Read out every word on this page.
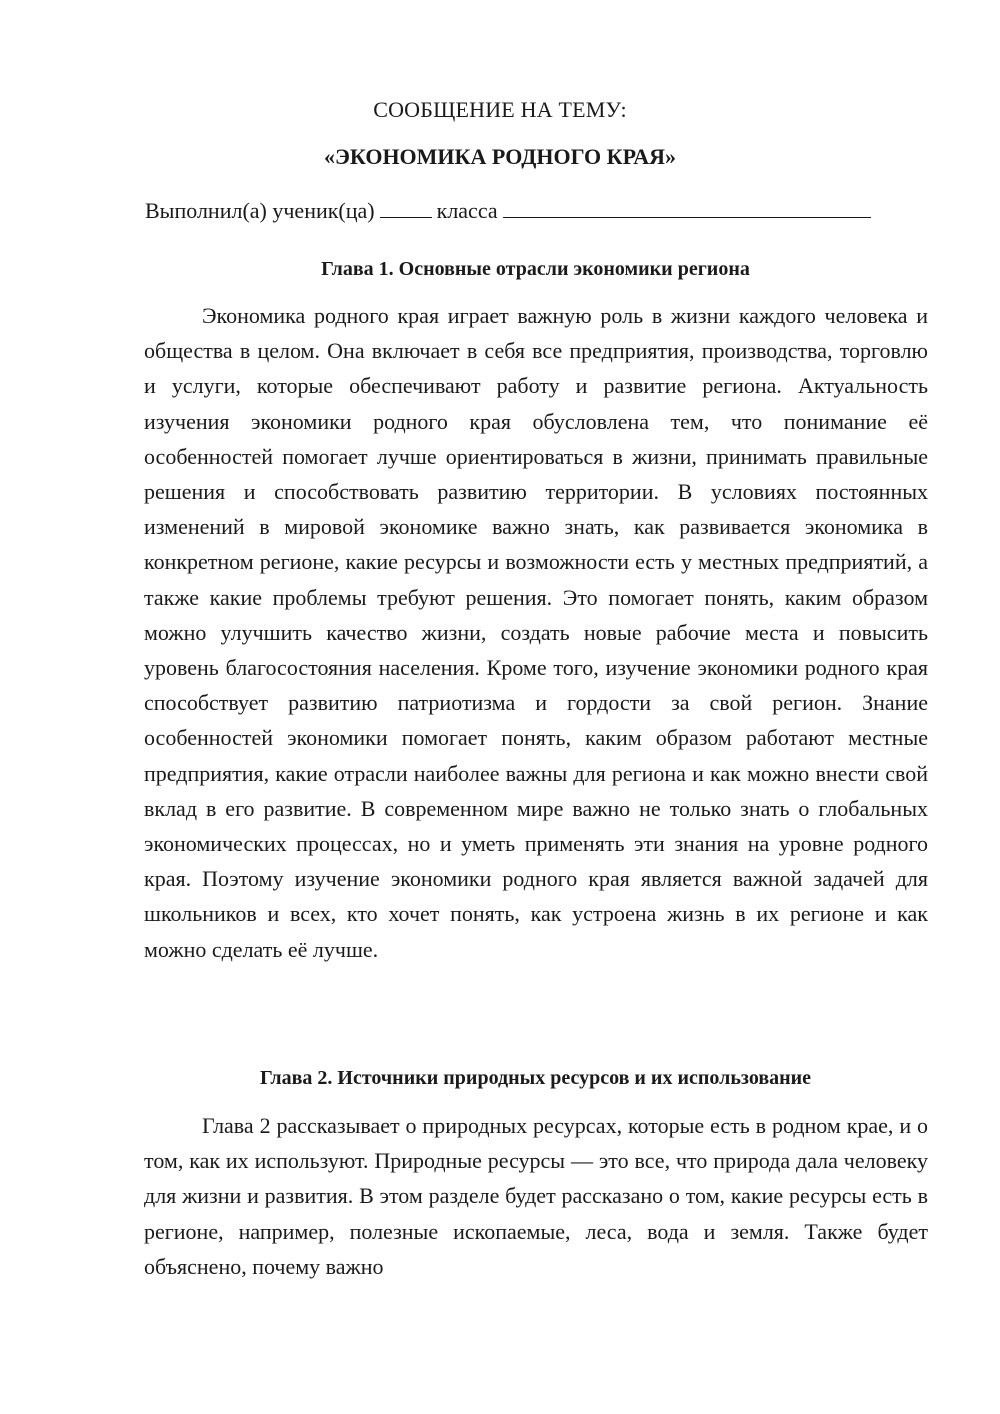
СООБЩЕНИЕ НА ТЕМУ:
«ЭКОНОМИКА РОДНОГО КРАЯ»
Выполнил(а) ученик(ца)	класса
Глава 1. Основные отрасли экономики региона

Экономика родного края играет важную роль в жизни каждого человека и общества в целом. Она включает в себя все предприятия, производства, торговлю и услуги, которые обеспечивают работу и развитие региона. Актуальность изучения экономики родного края обусловлена тем, что понимание её особенностей помогает лучше ориентироваться в жизни, принимать правильные решения и способствовать развитию территории. В условиях постоянных изменений в мировой экономике важно знать, как развивается экономика в конкретном регионе, какие ресурсы и возможности есть у местных предприятий, а также какие проблемы требуют решения. Это помогает понять, каким образом можно улучшить качество жизни, создать новые рабочие места и повысить уровень благосостояния населения. Кроме того, изучение экономики родного края способствует развитию патриотизма и гордости за свой регион. Знание особенностей экономики помогает понять, каким образом работают местные предприятия, какие отрасли наиболее важны для региона и как можно внести свой вклад в его развитие. В современном мире важно не только знать о глобальных экономических процессах, но и уметь применять эти знания на уровне родного края. Поэтому изучение экономики родного края является важной задачей для школьников и всех, кто хочет понять, как устроена жизнь в их регионе и как можно сделать её лучше.

Глава 2. Источники природных ресурсов и их использование

Глава 2 рассказывает о природных ресурсах, которые есть в родном крае, и о том, как их используют. Природные ресурсы — это все, что природа дала человеку для жизни и развития. В этом разделе будет рассказано о том, какие ресурсы есть в регионе, например, полезные ископаемые, леса, вода и земля. Также будет объяснено, почему важно
